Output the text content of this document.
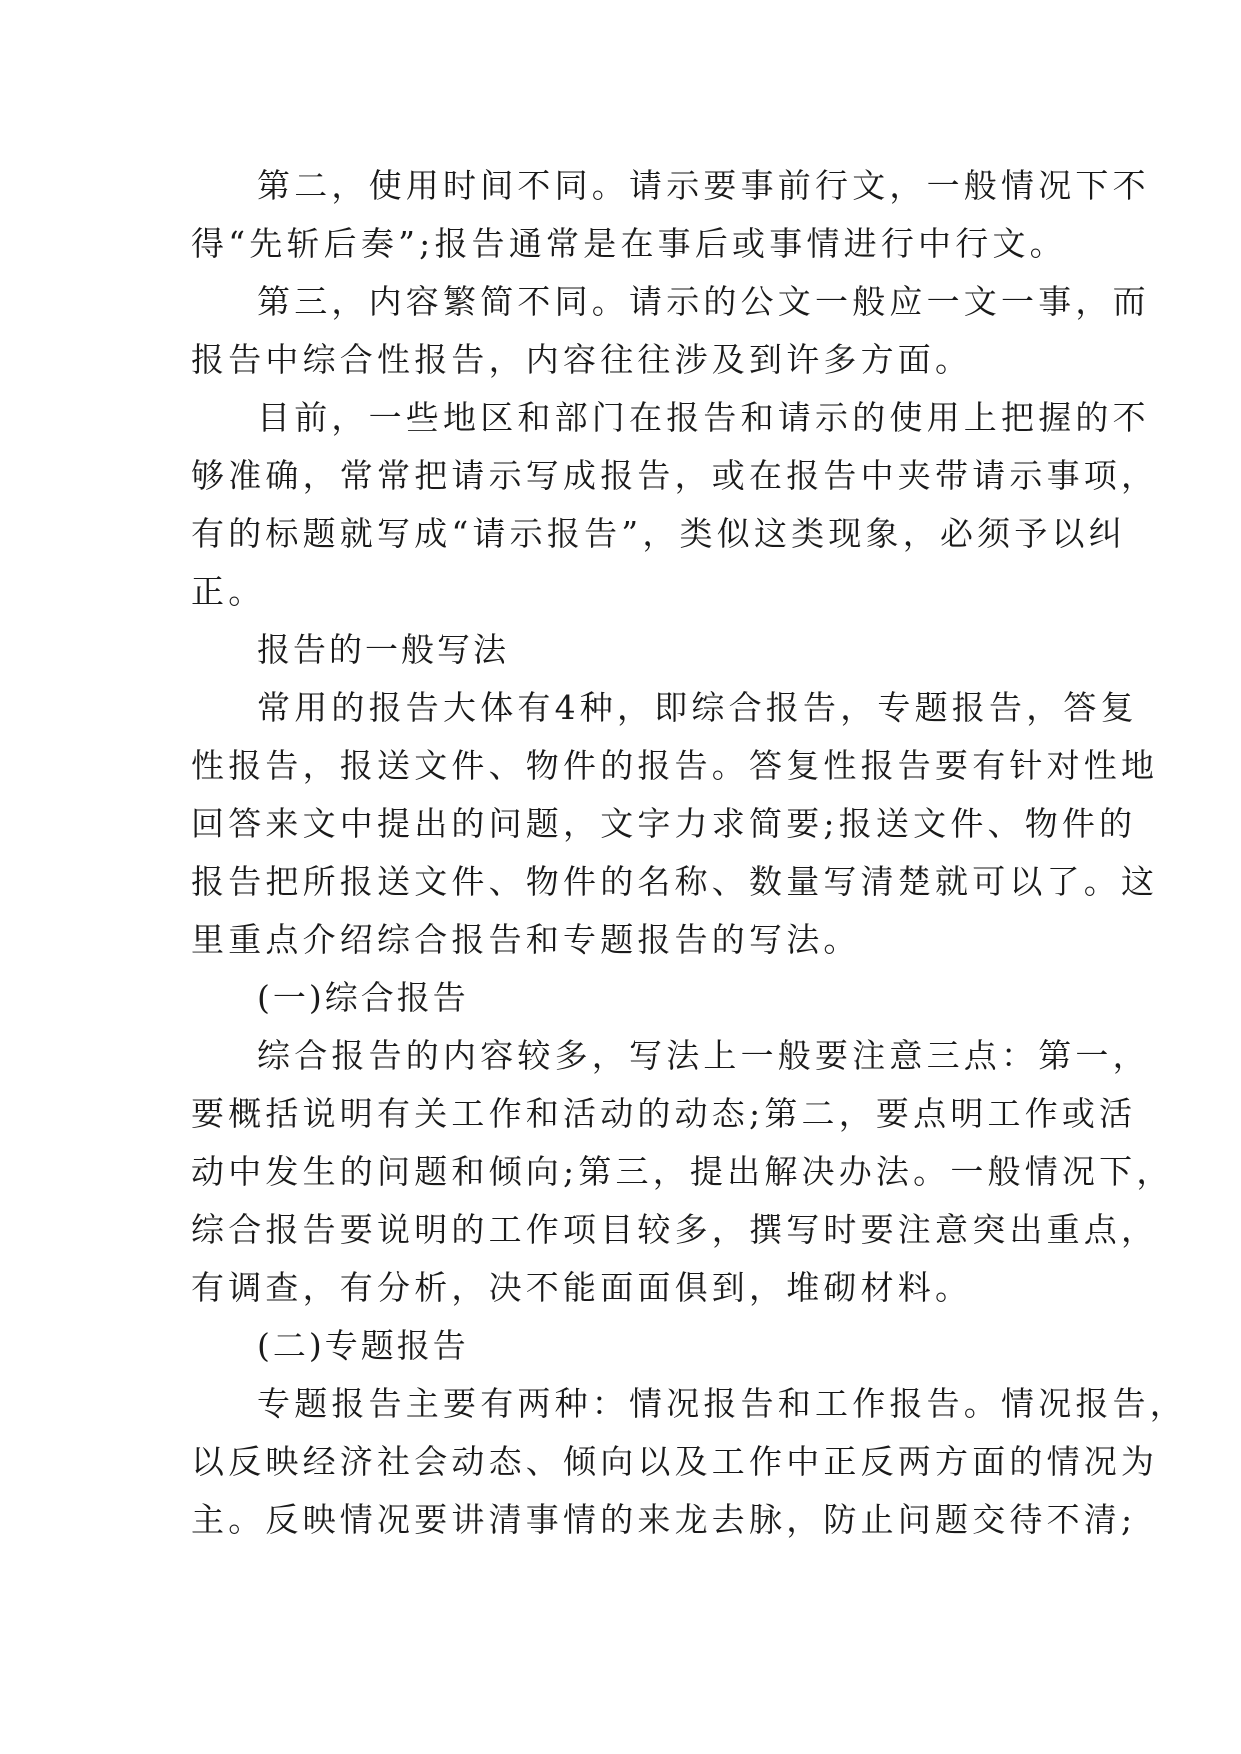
第二，使用时间不同。请示要事前行文，一般情况下不
得“先斩后奏”;报告通常是在事后或事情进行中行文。
第三，内容繁简不同。请示的公文一般应一文一事，而
报告中综合性报告，内容往往涉及到许多方面。
目前，一些地区和部门在报告和请示的使用上把握的不
够准确，常常把请示写成报告，或在报告中夹带请示事项，
有的标题就写成“请示报告”，类似这类现象，必须予以纠
正。
报告的一般写法
常用的报告大体有4种，即综合报告，专题报告，答复
性报告，报送文件、物件的报告。答复性报告要有针对性地
回答来文中提出的问题，文字力求简要;报送文件、物件的
报告把所报送文件、物件的名称、数量写清楚就可以了。这
里重点介绍综合报告和专题报告的写法。
(一)综合报告
综合报告的内容较多，写法上一般要注意三点：第一，
要概括说明有关工作和活动的动态;第二，要点明工作或活
动中发生的问题和倾向;第三，提出解决办法。一般情况下，
综合报告要说明的工作项目较多，撰写时要注意突出重点，
有调查，有分析，决不能面面俱到，堆砌材料。
(二)专题报告
专题报告主要有两种：情况报告和工作报告。情况报告，
以反映经济社会动态、倾向以及工作中正反两方面的情况为
主。反映情况要讲清事情的来龙去脉，防止问题交待不清;
